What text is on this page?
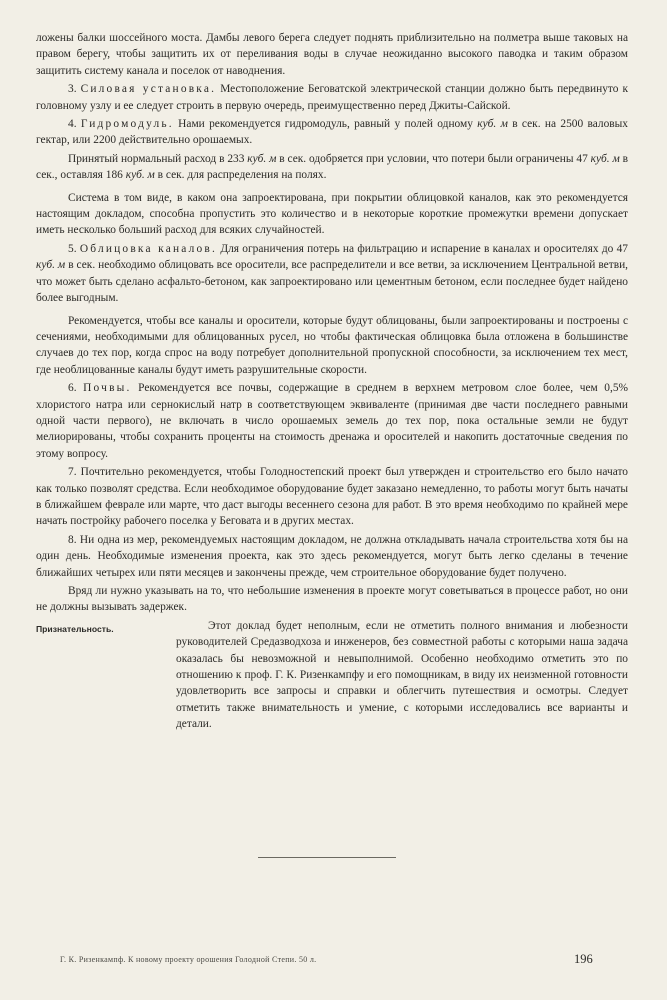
ложены балки шоссейного моста. Дамбы левого берега следует поднять приблизительно на полметра выше таковых на правом берегу, чтобы защитить их от переливания воды в случае неожиданно высокого паводка и таким образом защитить систему канала и поселок от наводнения.

3. Силовая установка. Местоположение Беговатской электрической станции должно быть передвинуто к головному узлу и ее следует строить в первую очередь, преимущественно перед Джиты-Сайской.

4. Гидромодуль. Нами рекомендуется гидромодуль, равный у полей одному куб. м в сек. на 2500 валовых гектар, или 2200 действительно орошаемых.

Принятый нормальный расход в 233 куб. м в сек. одобряется при условии, что потери были ограничены 47 куб. м в сек., оставляя 186 куб. м в сек. для распределения на полях.

Система в том виде, в каком она запроектирована, при покрытии облицовкой каналов, как это рекомендуется настоящим докладом, способна пропустить это количество и в некоторые короткие промежутки времени допускает иметь несколько больший расход для всяких случайностей.

5. Облицовка каналов. Для ограничения потерь на фильтрацию и испарение в каналах и оросителях до 47 куб. м в сек. необходимо облицовать все оросители, все распределители и все ветви, за исключением Центральной ветви, что может быть сделано асфальто-бетоном, как запроектировано или цементным бетоном, если последнее будет найдено более выгодным.

Рекомендуется, чтобы все каналы и оросители, которые будут облицованы, были запроектированы и построены с сечениями, необходимыми для облицованных русел, но чтобы фактическая облицовка была отложена в большинстве случаев до тех пор, когда спрос на воду потребует дополнительной пропускной способности, за исключением тех мест, где необлицованные каналы будут иметь разрушительные скорости.

6. Почвы. Рекомендуется все почвы, содержащие в среднем в верхнем метровом слое более, чем 0,5% хлористого натра или сернокислый натр в соответствующем эквиваленте (принимая две части последнего равными одной части первого), не включать в число орошаемых земель до тех пор, пока остальные земли не будут мелиорированы, чтобы сохранить проценты на стоимость дренажа и оросителей и накопить достаточные сведения по этому вопросу.

7. Почтительно рекомендуется, чтобы Голодностепский проект был утвержден и строительство его было начато как только позволят средства. Если необходимое оборудование будет заказано немедленно, то работы могут быть начаты в ближайшем феврале или марте, что даст выгоды весеннего сезона для работ. В это время необходимо по крайней мере начать постройку рабочего поселка у Беговата и в других местах.

8. Ни одна из мер, рекомендуемых настоящим докладом, не должна откладывать начала строительства хотя бы на один день. Необходимые изменения проекта, как это здесь рекомендуется, могут быть легко сделаны в течение ближайших четырех или пяти месяцев и закончены прежде, чем строительное оборудование будет получено.

Вряд ли нужно указывать на то, что небольшие изменения в проекте могут советываться в процессе работ, но они не должны вызывать задержек.

Признательность.	Этот доклад будет неполным, если не отметить полного внимания и любезности руководителей Средазводхоза и инженеров, без совместной работы с которыми наша задача оказалась бы невозможной и невыполнимой. Особенно необходимо отметить это по отношению к проф. Г. К. Ризенкампфу и его помощникам, в виду их неизменной готовности удовлетворить все запросы и справки и облегчить путешествия и осмотры. Следует отметить также внимательность и умение, с которыми исследовались все варианты и детали.

Г. К. Ризенкампф. К новому проекту орошения Голодной Степи. 50 л.	196
